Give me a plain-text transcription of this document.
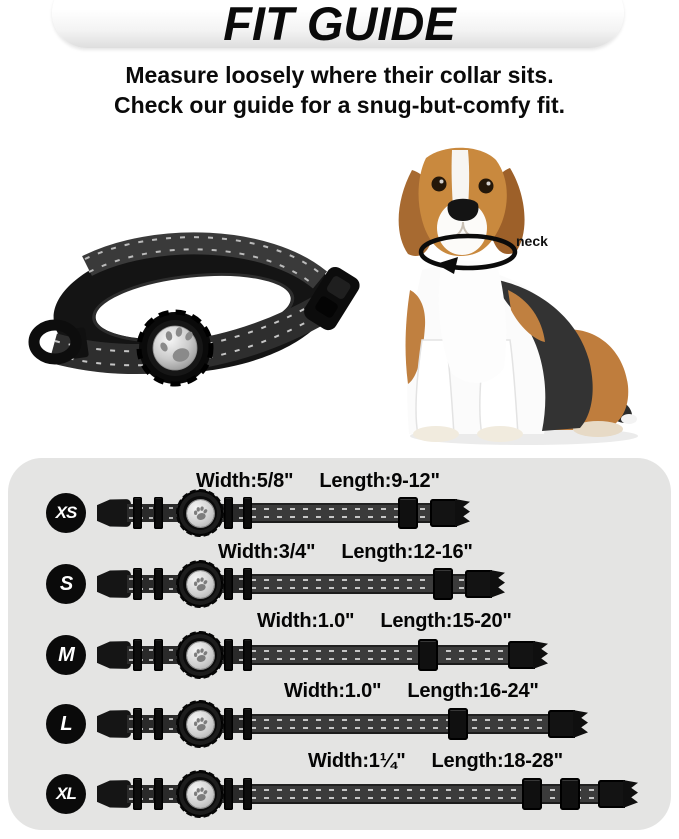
FIT GUIDE
Measure loosely where their collar sits.
Check our guide for a snug-but-comfy fit.
neck
Width:5/8" Length:9-12"
XS
Width:3/4" Length:12-16"
S
Width:1.0" Length:15-20"
M
Width:1.0" Length:16-24"
L
Width:1¼" Length:18-28"
XL
